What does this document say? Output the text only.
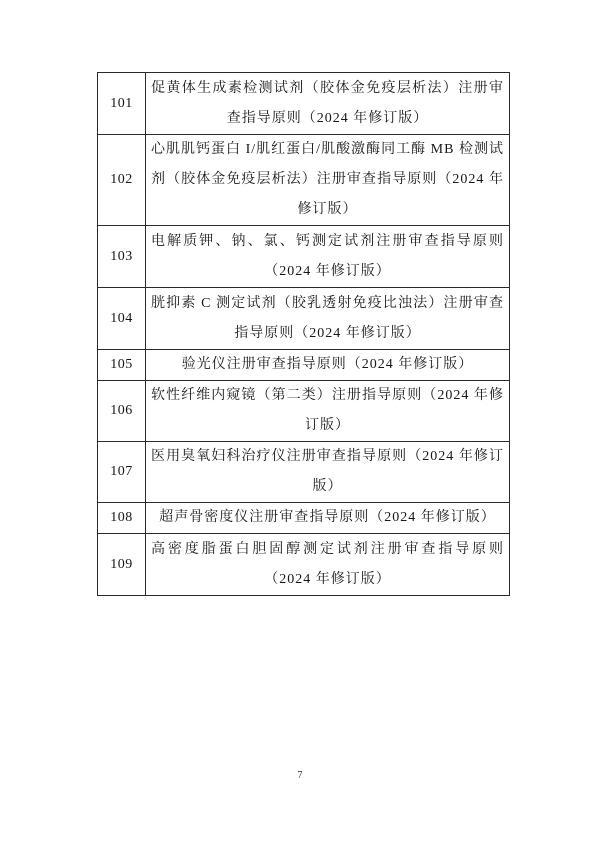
101	促黄体生成素检测试剂（胶体金免疫层析法）注册审查指导原则（2024 年修订版）
102	心肌肌钙蛋白 I/肌红蛋白/肌酸激酶同工酶 MB 检测试剂（胶体金免疫层析法）注册审查指导原则（2024 年修订版）
103	电解质钾、钠、氯、钙测定试剂注册审查指导原则（2024 年修订版）
104	胱抑素 C 测定试剂（胶乳透射免疫比浊法）注册审查指导原则（2024 年修订版）
105	验光仪注册审查指导原则（2024 年修订版）
106	软性纤维内窥镜（第二类）注册指导原则（2024 年修订版）
107	医用臭氧妇科治疗仪注册审查指导原则（2024 年修订版）
108	超声骨密度仪注册审查指导原则（2024 年修订版）
109	高密度脂蛋白胆固醇测定试剂注册审查指导原则（2024 年修订版）
7
